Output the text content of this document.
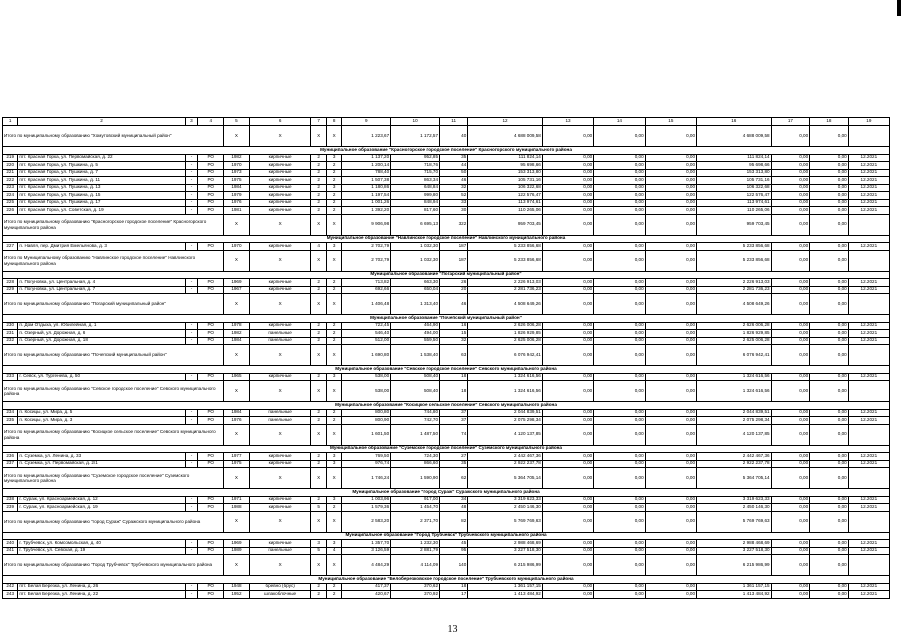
1	2	3	4	5	6	7	8	9	10	11	12	13	14	15	16	17	18	19
Итого по муниципальному образованию "Хомутовский муниципальный район"				X	X	X	X	1 223,67	1 172,57	40	4 688 009,58	0,00	0,00	0,00	4 688 009,58	0,00	0,00	
Муниципальное образование "Красногорское городское поселение" Красногорского муниципального района																		
219	пгт. Красная Горка, ул. Первомайская, д. 22	-	РО	1982	кирпичные	2	3	1 137,20	952,85	35	111 824,14	0,00	0,00	0,00	111 824,14	0,00	0,00	12.2021
220	пгт. Красная Горка, ул. Пушкина, д. 5	-	РО	1970	кирпичные	2	2	1 200,14	718,76	44	95 698,66	0,00	0,00	0,00	95 698,66	0,00	0,00	12.2021
221	пгт. Красная Горка, ул. Пушкина, д. 7	-	РО	1973	кирпичные	2	2	788,40	715,70	50	153 313,80	0,00	0,00	0,00	153 313,80	0,00	0,00	12.2021
222	пгт. Красная Горка, ул. Пушкина, д. 11	-	РО	1975	кирпичные	2	2	1 507,38	863,34	46	105 731,16	0,00	0,00	0,00	105 731,16	0,00	0,00	12.2021
223	пгт. Красная Горка, ул. Пушкина, д. 13	-	РО	1984	кирпичные	2	3	1 180,86	648,84	32	106 322,68	0,00	0,00	0,00	106 322,68	0,00	0,00	12.2021
224	пгт. Красная Горка, ул. Пушкина, д. 15	-	РО	1979	кирпичные	2	2	1 197,54	999,80	52	122 576,47	0,00	0,00	0,00	122 576,47	0,00	0,00	12.2021
225	пгт. Красная Горка, ул. Пушкина, д. 17	-	РО	1976	кирпичные	2	2	1 001,26	848,94	33	113 974,61	0,00	0,00	0,00	113 974,61	0,00	0,00	12.2021
226	пгт. Красная Горка, ул. Советская, д. 19	-	РО	1981	кирпичные	2	2	1 392,20	817,60	30	110 265,06	0,00	0,00	0,00	110 265,06	0,00	0,00	12.2021
Итого по муниципальному образованию "Красногорское городское поселение" Красногорского муниципального района				X	X	X	X	9 906,98	6 695,13	322	959 703,45	0,00	0,00	0,00	959 703,45	0,00	0,00	
Муниципальное образование "Навлинское городское поселение" Навлинского муниципального района																		
227	п. Навля, пер. Дмитрия Емельянова, д. 3	-	РО	1970	кирпичные	4	3	2 702,79	1 032,30	187	5 233 856,68	0,00	0,00	0,00	5 233 856,68	0,00	0,00	12.2021
Итого по Муниципальному образованию "Навлинское городское поселение" Навлинского муниципального района				X	X	X	X	2 702,79	1 032,30	187	5 233 856,68	0,00	0,00	0,00	5 233 856,68	0,00	0,00	
Муниципальное образование "Погарский муниципальный район"																		
228	п. Погуновка, ул. Центральная, д. 4	-	РО	1969	кирпичные	2	2	713,82	663,30	26	2 226 913,03	0,00	0,00	0,00	2 226 913,03	0,00	0,00	12.2021
229	п. Погуновка, ул. Центральная, д. 7	-	РО	1967	кирпичные	2	2	692,66	650,04	20	2 281 736,23	0,00	0,00	0,00	2 281 736,23	0,00	0,00	12.2021
Итого по муниципальному образованию "Погарский муниципальный район"				X	X	X	X	1 406,48	1 313,40	46	4 508 649,26	0,00	0,00	0,00	4 508 649,26	0,00	0,00	
Муниципальное образование "Почепский муниципальный район"																		
230	п. Дом Отдыха, ул. Юбилейная, д. 1	-	РО	1978	кирпичные	2	2	722,45	464,90	16	2 626 006,28	0,00	0,00	0,00	2 626 006,28	0,00	0,00	12.2021
231	п. Озерный, ул. Дорожная, д. 6	-	РО	1982	панельные	2	2	546,40	494,00	15	1 826 929,85	0,00	0,00	0,00	1 826 929,85	0,00	0,00	12.2021
232	п. Озерный, ул. Дорожная, д. 18	-	РО	1984	панельные	2	2	512,00	559,50	32	2 625 006,28	0,00	0,00	0,00	2 625 006,28	0,00	0,00	12.2021
Итого по муниципальному образованию "Почепский муниципальный район"				X	X	X	X	1 690,80	1 538,40	63	6 076 942,41	0,00	0,00	0,00	6 076 942,41	0,00	0,00	
Муниципальное образование "Севское городское поселение" Севского муниципального района																		
233	г. Севск, ул. Тургенева, д. 50	-	РО	1965	кирпичные	2	3	538,00	508,40	18	1 324 616,56	0,00	0,00	0,00	1 324 616,56	0,00	0,00	12.2021
Итого по муниципальному образованию "Севское городское поселение" Севского муниципального района				X	X	X	X	538,00	508,40	18	1 324 616,56	0,00	0,00	0,00	1 324 616,56	0,00	0,00	
Муниципальное образование "Косицкое сельское поселение" Севского муниципального района																		
234	п. Косицы, ул. Мира, д. 5	-	РО	1984	панельные	2	2	800,80	744,80	37	2 044 839,51	0,00	0,00	0,00	2 044 839,51	0,00	0,00	12.2021
235	п. Косицы, ул. Мира, д. 3	-	РО	1976	панельные	2	2	800,90	742,70	37	2 075 298,34	0,00	0,00	0,00	2 075 298,34	0,00	0,00	12.2021
Итого по муниципальному образованию "Косицкое сельское поселение" Севского муниципального района				X	X	X	X	1 601,50	1 487,50	74	4 120 137,85	0,00	0,00	0,00	4 120 137,85	0,00	0,00	
Муниципальное образование "Суземское городское поселение" Суземского муниципального района																		
236	п. Суземка, ул. Ленина, д. 33	-	РО	1977	кирпичные	2	3	769,50	724,30	27	2 442 467,36	0,00	0,00	0,00	2 442 467,36	0,00	0,00	12.2021
237	п. Суземка, ул. Первомайская, д. 2/1	-	РО	1975	кирпичные	2	3	976,74	866,60	35	2 922 237,78	0,00	0,00	0,00	2 922 237,78	0,00	0,00	12.2021
Итого по муниципальному образованию "Суземское городское поселение" Суземского муниципального района				X	X	X	X	1 746,24	1 590,90	62	5 364 705,14	0,00	0,00	0,00	5 364 705,14	0,00	0,00	
Муниципальное образование "город Сураж" Суражского муниципального района																		
238	г. Сураж, ул. Красноармейская, д. 12	-	РО	1971	кирпичные	2	3	1 003,96	917,00	34	3 319 623,33	0,00	0,00	0,00	3 319 623,33	0,00	0,00	12.2021
239	г. Сураж, ул. Красноармейская, д. 19	-	РО	1988	кирпичные	5	2	1 579,36	1 454,70	48	2 450 146,30	0,00	0,00	0,00	2 450 146,30	0,00	0,00	12.2021
Итого по муниципальному образованию "город Сураж" Суражского муниципального района				X	X	X	X	2 583,20	2 371,70	82	5 769 769,63	0,00	0,00	0,00	5 769 769,63	0,00	0,00	
Муниципальное образование "Город Трубчевск" Трубчевского муниципального района																		
240	г. Трубчевск, ул. Комсомольская, д. 40	-	РО	1969	кирпичные	3	3	1 357,70	1 232,30	45	2 988 468,69	0,00	0,00	0,00	2 988 468,69	0,00	0,00	12.2021
241	г. Трубчевск, ул. Севская, д. 19	-	РО	1989	панельные	5	4	3 126,59	2 881,79	95	3 227 518,30	0,00	0,00	0,00	3 227 518,30	0,00	0,00	12.2021
Итого по муниципальному образованию "Город Трубчевск" Трубчевского муниципального района				X	X	X	X	4 484,29	4 114,09	140	6 215 986,99	0,00	0,00	0,00	6 215 986,99	0,00	0,00	
Муниципальное образование "Белоберезковское городское поселение" Трубчевского муниципального района																		
242	пгт. Белая Березка, ул. Ленина, д. 26	-	РО	1948	бревно (брус)	2	2	417,37	370,62	18	1 361 157,15	0,00	0,00	0,00	1 361 157,15	0,00	0,00	12.2021
243	пгт. Белая Березка, ул. Ленина, д. 22	-	РО	1952	шлакоблочные	2	2	420,67	370,92	17	1 413 484,92	0,00	0,00	0,00	1 413 484,92	0,00	0,00	12.2021
13
